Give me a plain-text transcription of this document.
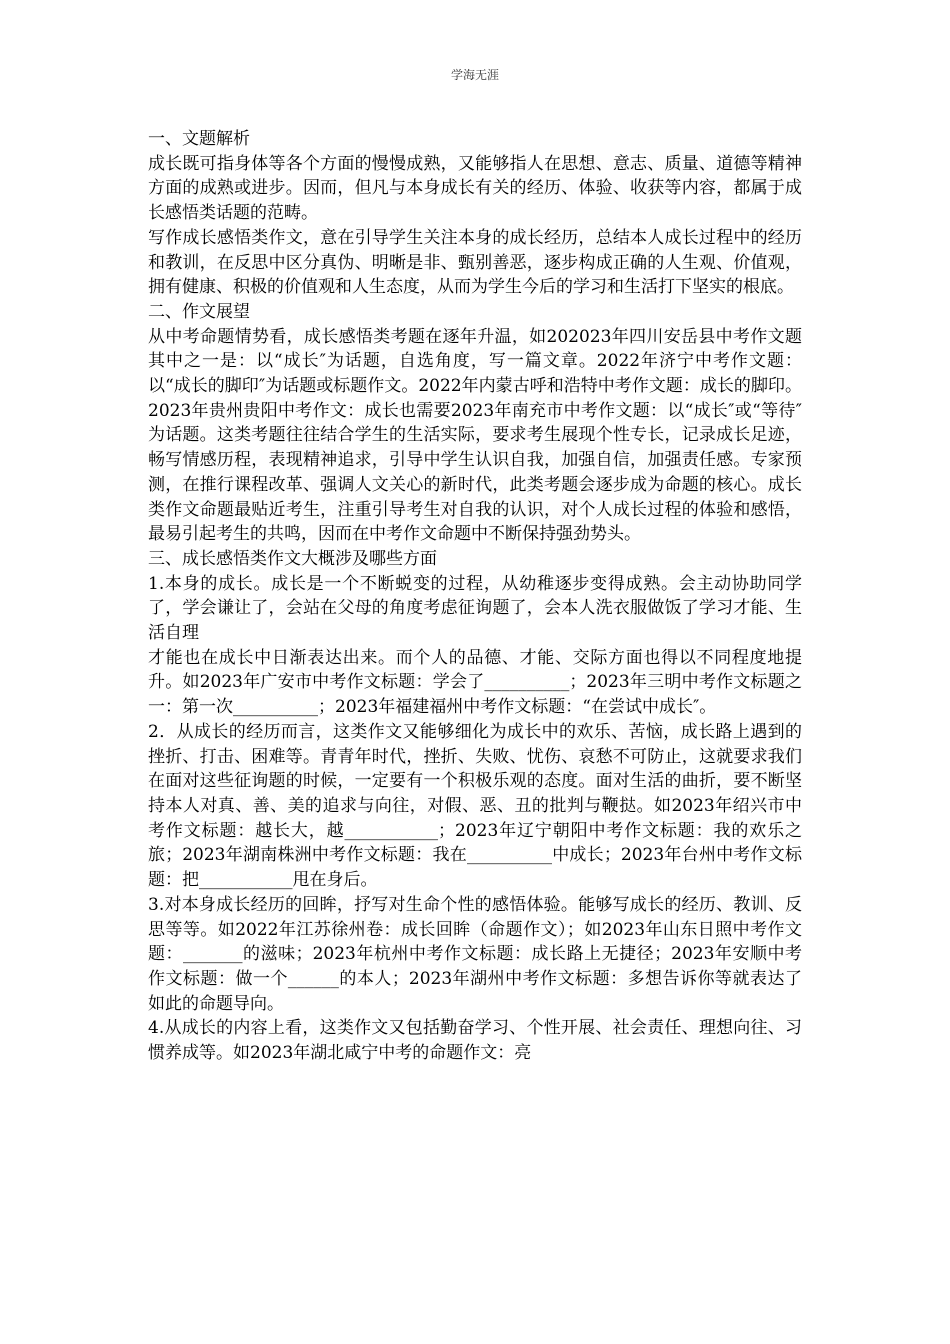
学海无涯

一、文题解析

成长既可指身体等各个方面的慢慢成熟，又能够指人在思想、意志、质量、道德等精神方面的成熟或进步。因而，但凡与本身成长有关的经历、体验、收获等内容，都属于成长感悟类话题的范畴。

写作成长感悟类作文，意在引导学生关注本身的成长经历，总结本人成长过程中的经历和教训，在反思中区分真伪、明晰是非、甄别善恶，逐步构成正确的人生观、价值观，拥有健康、积极的价值观和人生态度，从而为学生今后的学习和生活打下坚实的根底。

二、作文展望

从中考命题情势看，成长感悟类考题在逐年升温，如202023年四川安岳县中考作文题其中之一是：以“成长″为话题，自选角度，写一篇文章。2022年济宁中考作文题：以“成长的脚印″为话题或标题作文。2022年内蒙古呼和浩特中考作文题：成长的脚印。2023年贵州贵阳中考作文：成长也需要2023年南充市中考作文题：以“成长″或“等待″为话题。这类考题往往结合学生的生活实际，要求考生展现个性专长，记录成长足迹，畅写情感历程，表现精神追求，引导中学生认识自我，加强自信，加强责任感。专家预测，在推行课程改革、强调人文关心的新时代，此类考题会逐步成为命题的核心。成长类作文命题最贴近考生，注重引导考生对自我的认识，对个人成长过程的体验和感悟，最易引起考生的共鸣，因而在中考作文命题中不断保持强劲势头。

三、成长感悟类作文大概涉及哪些方面

1.本身的成长。成长是一个不断蜕变的过程，从幼稚逐步变得成熟。会主动协助同学了，学会谦让了，会站在父母的角度考虑征询题了，会本人洗衣服做饭了学习才能、生活自理

才能也在成长中日渐表达出来。而个人的品德、才能、交际方面也得以不同程度地提升。如2023年广安市中考作文标题：学会了__________；2023年三明中考作文标题之一：第一次__________；2023年福建福州中考作文标题：“在尝试中成长″。

2．从成长的经历而言，这类作文又能够细化为成长中的欢乐、苦恼，成长路上遇到的挫折、打击、困难等。青青年时代，挫折、失败、忧伤、哀愁不可防止，这就要求我们在面对这些征询题的时候，一定要有一个积极乐观的态度。面对生活的曲折，要不断坚持本人对真、善、美的追求与向往，对假、恶、丑的批判与鞭挞。如2023年绍兴市中考作文标题：越长大，越___________；2023年辽宁朝阳中考作文标题：我的欢乐之旅；2023年湖南株洲中考作文标题：我在__________中成长；2023年台州中考作文标题：把___________甩在身后。

3.对本身成长经历的回眸，抒写对生命个性的感悟体验。能够写成长的经历、教训、反思等等。如2022年江苏徐州卷：成长回眸（命题作文）；如2023年山东日照中考作文题：_______的滋味；2023年杭州中考作文标题：成长路上无捷径；2023年安顺中考作文标题：做一个______的本人；2023年湖州中考作文标题：多想告诉你等就表达了如此的命题导向。

4.从成长的内容上看，这类作文又包括勤奋学习、个性开展、社会责任、理想向往、习惯养成等。如2023年湖北咸宁中考的命题作文：亮
